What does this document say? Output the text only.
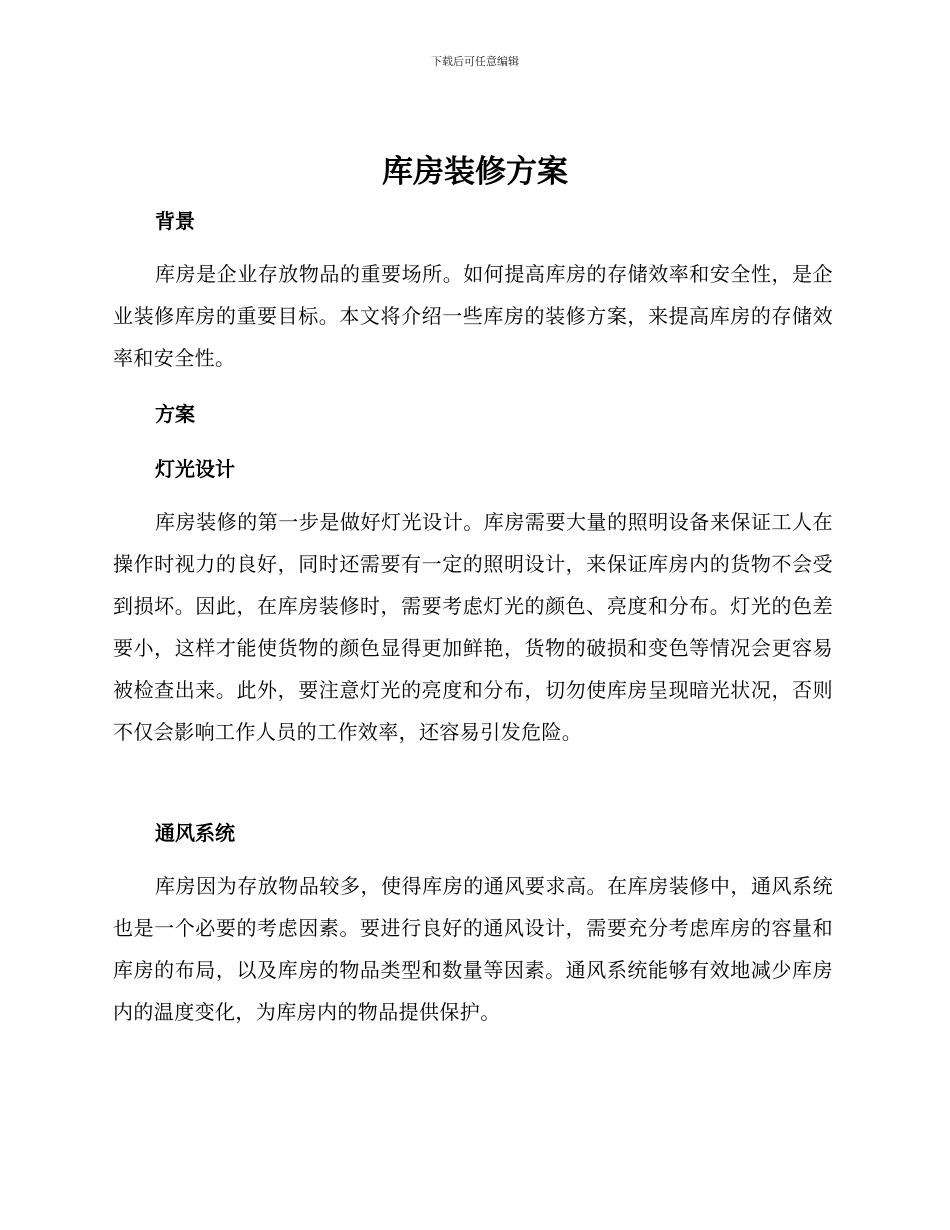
下载后可任意编辑
库房装修方案
背景

库房是企业存放物品的重要场所。如何提高库房的存储效率和安全性，是企业装修库房的重要目标。本文将介绍一些库房的装修方案，来提高库房的存储效率和安全性。

方案
灯光设计

库房装修的第一步是做好灯光设计。库房需要大量的照明设备来保证工人在操作时视力的良好，同时还需要有一定的照明设计，来保证库房内的货物不会受到损坏。因此，在库房装修时，需要考虑灯光的颜色、亮度和分布。灯光的色差要小，这样才能使货物的颜色显得更加鲜艳，货物的破损和变色等情况会更容易被检查出来。此外，要注意灯光的亮度和分布，切勿使库房呈现暗光状况，否则不仅会影响工作人员的工作效率，还容易引发危险。

通风系统

库房因为存放物品较多，使得库房的通风要求高。在库房装修中，通风系统也是一个必要的考虑因素。要进行良好的通风设计，需要充分考虑库房的容量和库房的布局，以及库房的物品类型和数量等因素。通风系统能够有效地减少库房内的温度变化，为库房内的物品提供保护。
